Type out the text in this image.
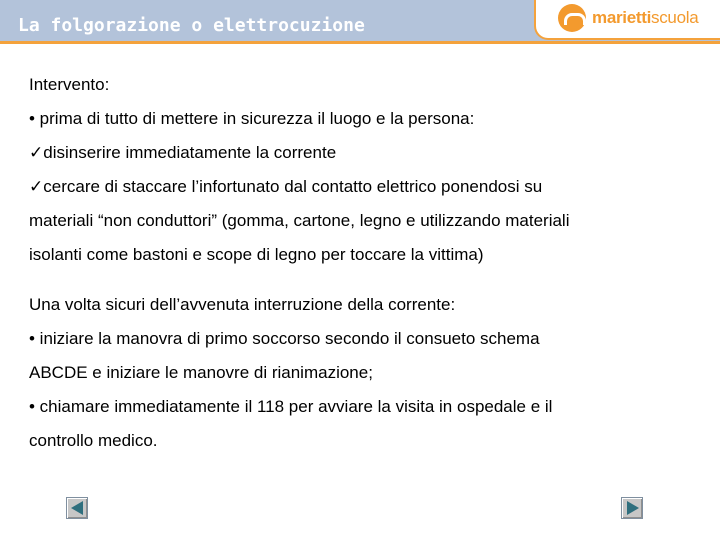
La folgorazione o elettrocuzione	mariettiscuola
Intervento:
• prima di tutto di mettere in sicurezza il luogo e la persona:
✓disinserire immediatamente la corrente
✓cercare di staccare l’infortunato dal contatto elettrico ponendosi su
materiali “non conduttori” (gomma, cartone, legno e utilizzando materiali
isolanti come bastoni e scope di legno per toccare la vittima)
Una volta sicuri dell’avvenuta interruzione della corrente:
• iniziare la manovra di primo soccorso secondo il consueto schema
ABCDE e iniziare le manovre di rianimazione;
• chiamare immediatamente il 118 per avviare la visita in ospedale e il
controllo medico.
